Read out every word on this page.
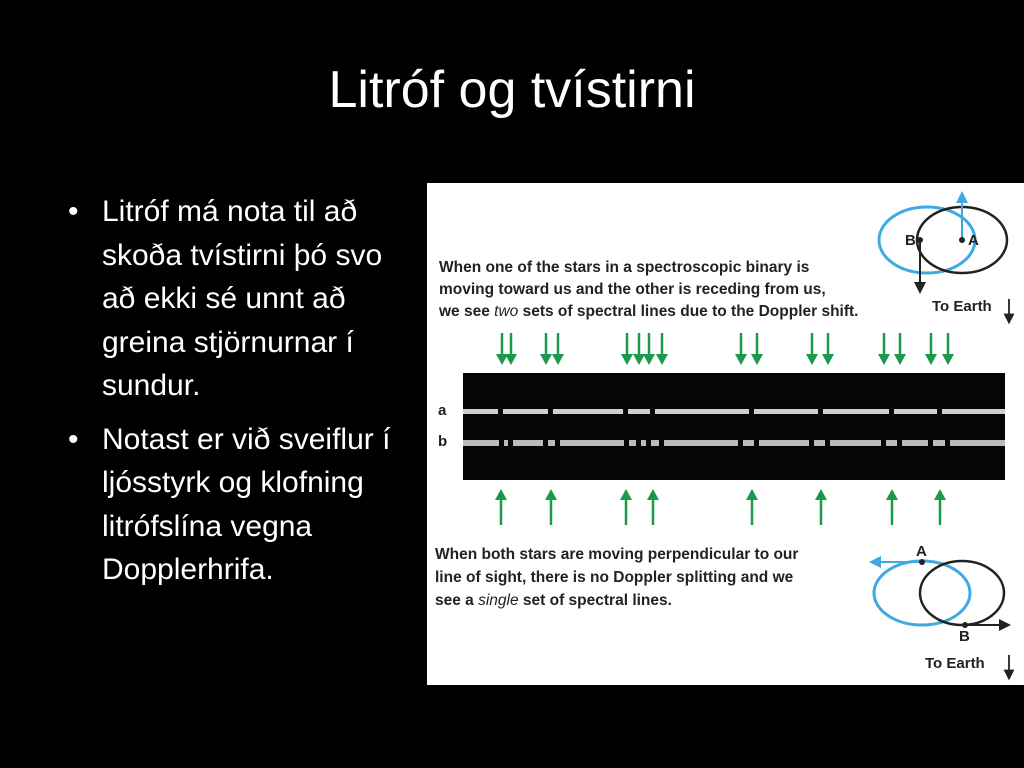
Litróf og tvístirni
• Litróf má nota til að skoða tvístirni þó svo að ekki sé unnt að greina stjörnurnar í sundur.
• Notast er við sveiflur í ljósstyrk og klofning litrófslína vegna Dopplerhrifa.
When one of the stars in a spectroscopic binary is
moving toward us and the other is receding from us,
we see two sets of spectral lines due to the Doppler shift.
A
B
To Earth
a
b
When both stars are moving perpendicular to our
line of sight, there is no Doppler splitting and we
see a single set of spectral lines.
A
B
To Earth
